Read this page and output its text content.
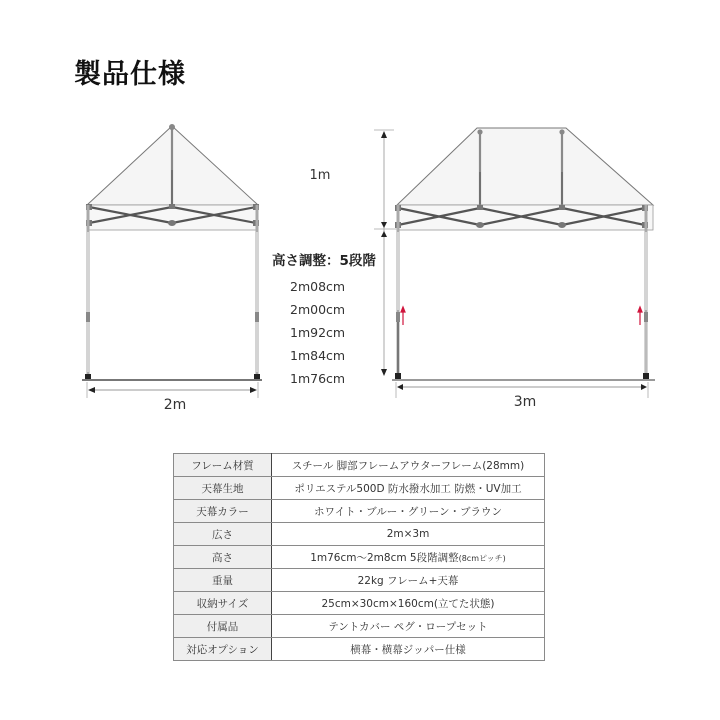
製品仕様
2m	3m
1m
高さ調整：5段階
2m08cm
2m00cm
1m92cm
1m84cm
1m76cm
フレーム材質	スチール 脚部フレームアウターフレーム(28mm)
天幕生地	ポリエステル500D 防水撥水加工 防燃・UV加工
天幕カラー	ホワイト・ブルー・グリーン・ブラウン
広さ	2m×3m
高さ	1m76cm～2m8cm 5段階調整(8cmピッチ)
重量	22kg フレーム+天幕
収納サイズ	25cm×30cm×160cm(立てた状態)
付属品	テントカバー ペグ・ロープセット
対応オプション	横幕・横幕ジッパー仕様
